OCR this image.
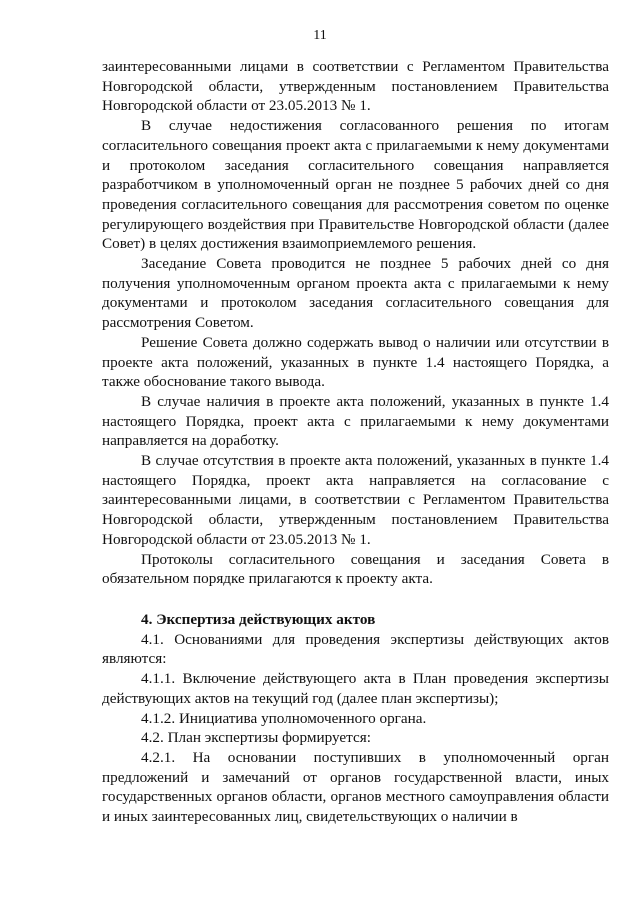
11

заинтересованными лицами в соответствии с Регламентом Правительства Новгородской области, утвержденным постановлением Правительства Новгородской области от 23.05.2013 № 1.

В случае недостижения согласованного решения по итогам согласительного совещания проект акта с прилагаемыми к нему документами и протоколом заседания согласительного совещания направляется разработчиком в уполномоченный орган не позднее 5 рабочих дней со дня проведения согласительного совещания для рассмотрения советом по оценке регулирующего воздействия при Правительстве Новгородской области (далее Совет) в целях достижения взаимоприемлемого решения.

Заседание Совета проводится не позднее 5 рабочих дней со дня получения уполномоченным органом проекта акта с прилагаемыми к нему документами и протоколом заседания согласительного совещания для рассмотрения Советом.

Решение Совета должно содержать вывод о наличии или отсутствии в проекте акта положений, указанных в пункте 1.4 настоящего Порядка, а также обоснование такого вывода.

В случае наличия в проекте акта положений, указанных в пункте 1.4 настоящего Порядка, проект акта с прилагаемыми к нему документами направляется на доработку.

В случае отсутствия в проекте акта положений, указанных в пункте 1.4 настоящего Порядка, проект акта направляется на согласование с заинтересованными лицами, в соответствии с Регламентом Правительства Новгородской области, утвержденным постановлением Правительства Новгородской области от 23.05.2013 № 1.

Протоколы согласительного совещания и заседания Совета в обязательном порядке прилагаются к проекту акта.

4. Экспертиза действующих актов

4.1. Основаниями для проведения экспертизы действующих актов являются:

4.1.1. Включение действующего акта в План проведения экспертизы действующих актов на текущий год (далее план экспертизы);

4.1.2. Инициатива уполномоченного органа.

4.2. План экспертизы формируется:

4.2.1. На основании поступивших в уполномоченный орган предложений и замечаний от органов государственной власти, иных государственных органов области, органов местного самоуправления области и иных заинтересованных лиц, свидетельствующих о наличии в
